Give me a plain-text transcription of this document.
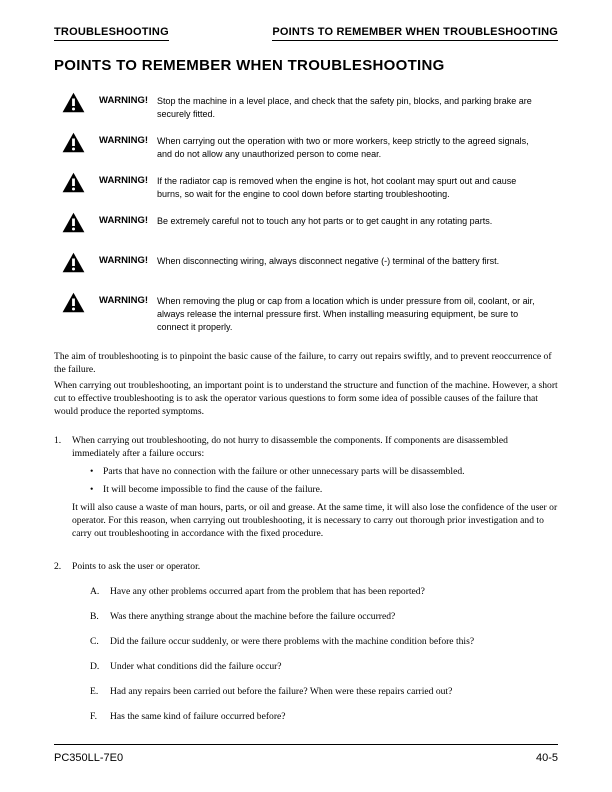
TROUBLESHOOTING	POINTS TO REMEMBER WHEN TROUBLESHOOTING
POINTS TO REMEMBER WHEN TROUBLESHOOTING
WARNING! Stop the machine in a level place, and check that the safety pin, blocks, and parking brake are securely fitted.
WARNING! When carrying out the operation with two or more workers, keep strictly to the agreed signals, and do not allow any unauthorized person to come near.
WARNING! If the radiator cap is removed when the engine is hot, hot coolant may spurt out and cause burns, so wait for the engine to cool down before starting troubleshooting.
WARNING! Be extremely careful not to touch any hot parts or to get caught in any rotating parts.
WARNING! When disconnecting wiring, always disconnect negative (-) terminal of the battery first.
WARNING! When removing the plug or cap from a location which is under pressure from oil, coolant, or air, always release the internal pressure first. When installing measuring equipment, be sure to connect it properly.

The aim of troubleshooting is to pinpoint the basic cause of the failure, to carry out repairs swiftly, and to prevent reoccurrence of the failure.

When carrying out troubleshooting, an important point is to understand the structure and function of the machine. However, a short cut to effective troubleshooting is to ask the operator various questions to form some idea of possible causes of the failure that would produce the reported symptoms.

1.	When carrying out troubleshooting, do not hurry to disassemble the components. If components are disassembled immediately after a failure occurs:

•	Parts that have no connection with the failure or other unnecessary parts will be disassembled.
•	It will become impossible to find the cause of the failure.

It will also cause a waste of man hours, parts, or oil and grease. At the same time, it will also lose the confidence of the user or operator. For this reason, when carrying out troubleshooting, it is necessary to carry out thorough prior investigation and to carry out troubleshooting in accordance with the fixed procedure.

2.	Points to ask the user or operator.

A.	Have any other problems occurred apart from the problem that has been reported?
B.	Was there anything strange about the machine before the failure occurred?
C.	Did the failure occur suddenly, or were there problems with the machine condition before this?
D.	Under what conditions did the failure occur?
E.	Had any repairs been carried out before the failure? When were these repairs carried out?
F.	Has the same kind of failure occurred before?
PC350LL-7E0	40-5
